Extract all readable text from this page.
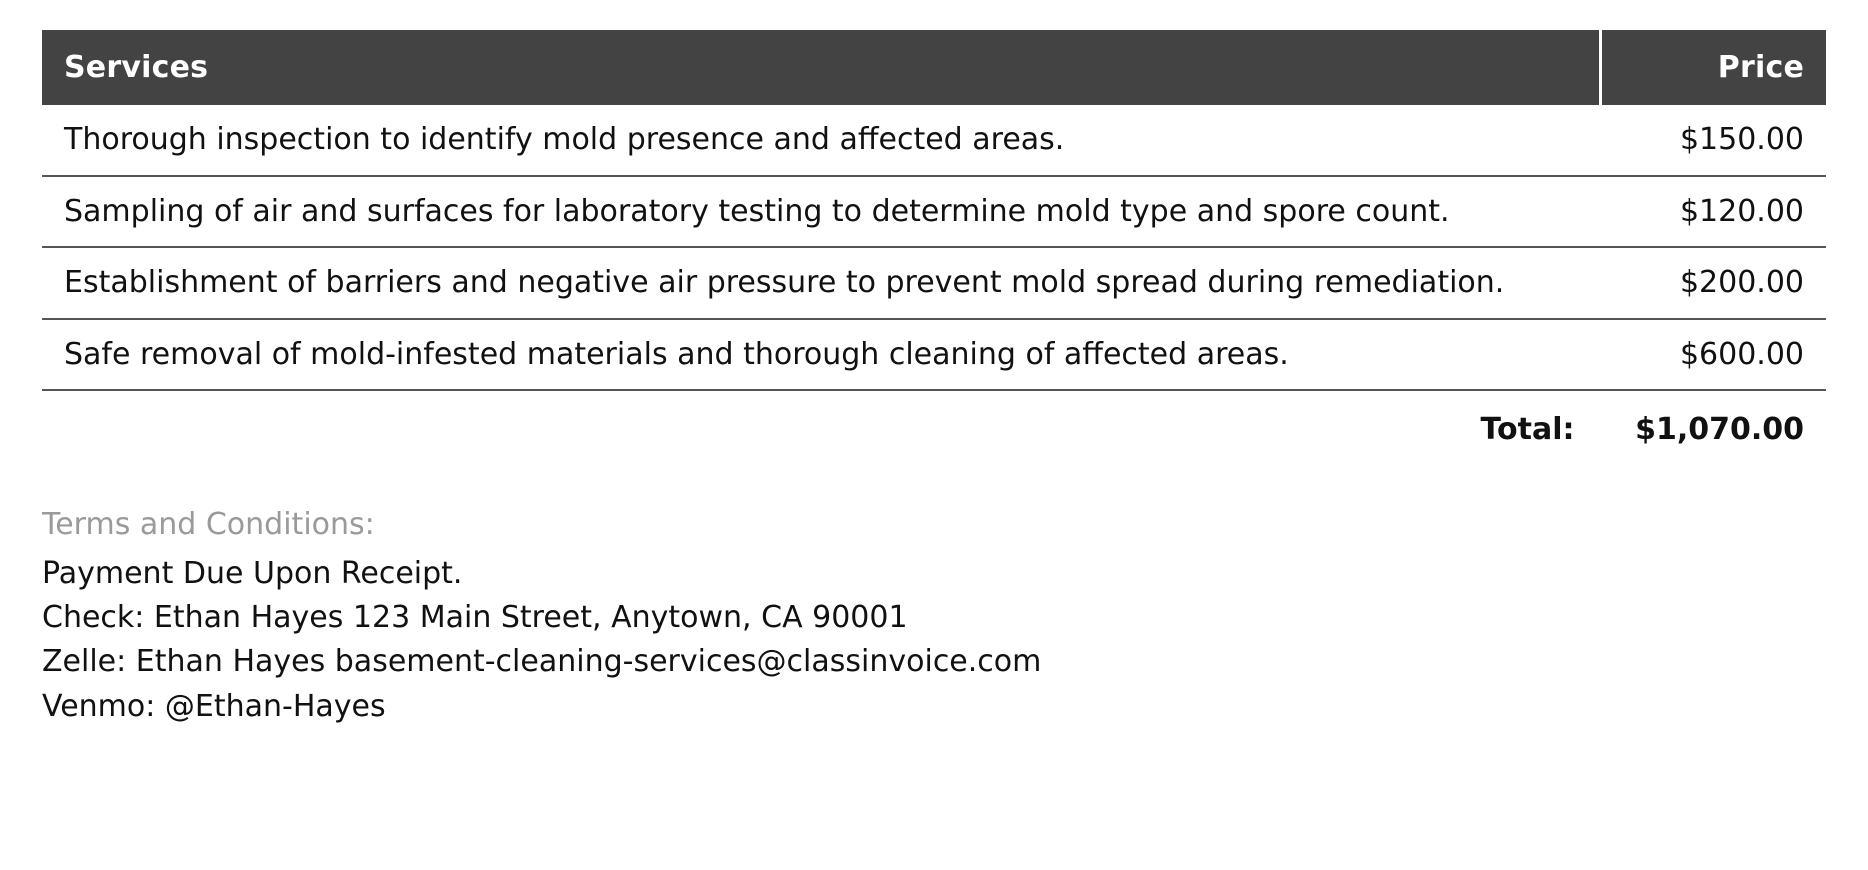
Services	Price
Thorough inspection to identify mold presence and affected areas.	$150.00
Sampling of air and surfaces for laboratory testing to determine mold type and spore count.	$120.00
Establishment of barriers and negative air pressure to prevent mold spread during remediation.	$200.00
Safe removal of mold-infested materials and thorough cleaning of affected areas.	$600.00
Total:	$1,070.00
Terms and Conditions:
Payment Due Upon Receipt.
Check: Ethan Hayes 123 Main Street, Anytown, CA 90001
Zelle: Ethan Hayes basement-cleaning-services@classinvoice.com
Venmo: @Ethan-Hayes
